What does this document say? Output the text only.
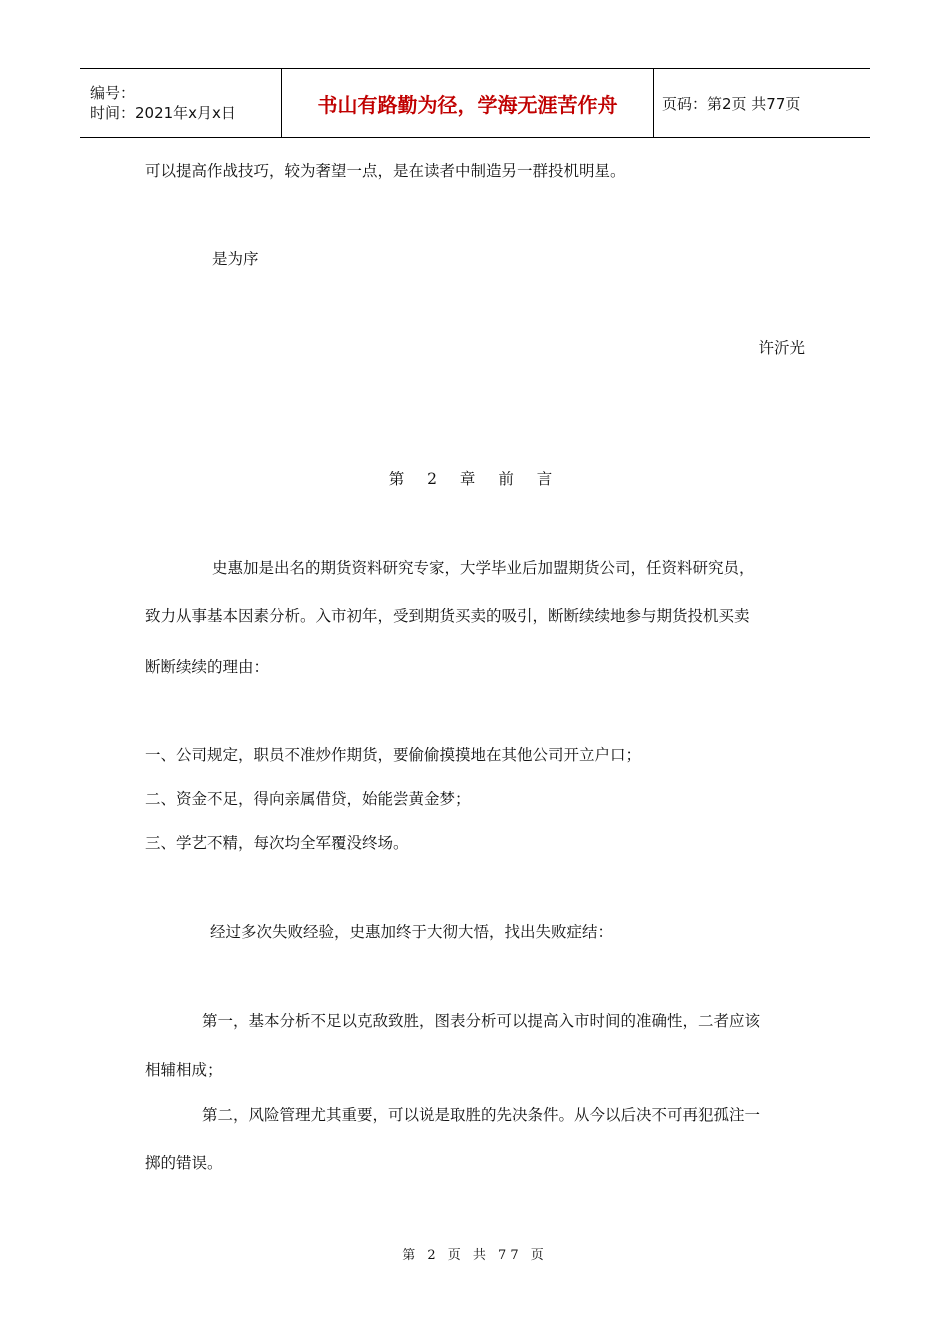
编号：
时间：2021年x月x日	书山有路勤为径，学海无涯苦作舟	页码：第2页 共77页
可以提高作战技巧，较为奢望一点，是在读者中制造另一群投机明星。
是为序
许沂光
第 2 章 前 言
史惠加是出名的期货资料研究专家，大学毕业后加盟期货公司，任资料研究员，
致力从事基本因素分析。入市初年，受到期货买卖的吸引，断断续续地参与期货投机买卖
断断续续的理由：
一、公司规定，职员不准炒作期货，要偷偷摸摸地在其他公司开立户口；
二、资金不足，得向亲属借贷，始能尝黄金梦；
三、学艺不精，每次均全军覆没终场。
经过多次失败经验，史惠加终于大彻大悟，找出失败症结：
第一，基本分析不足以克敌致胜，图表分析可以提高入市时间的准确性，二者应该
相辅相成；
第二，风险管理尤其重要，可以说是取胜的先决条件。从今以后决不可再犯孤注一
掷的错误。
第 2 页 共 77 页
